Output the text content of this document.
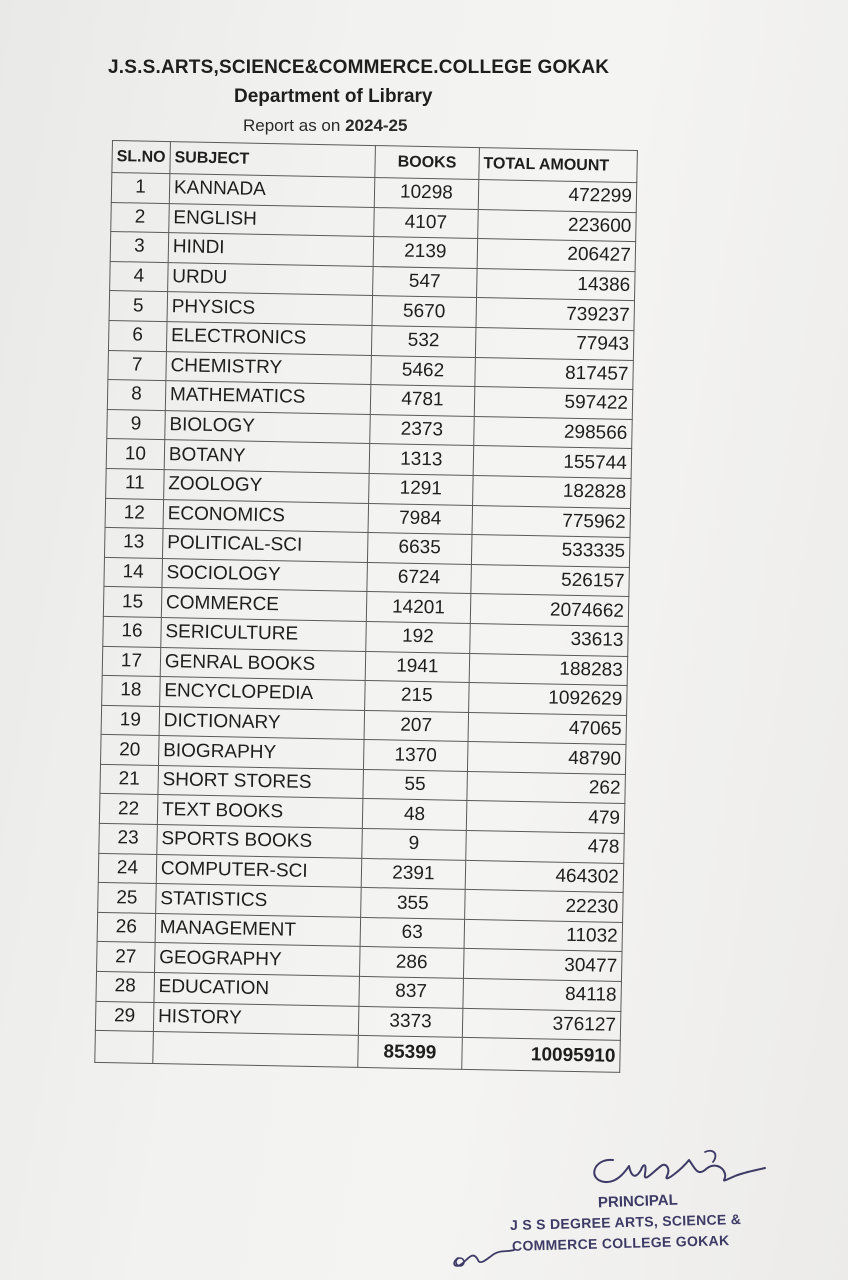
J.S.S.ARTS,SCIENCE&COMMERCE.COLLEGE GOKAK
Department of Library
Report as on 2024-25
SL.NO	SUBJECT	BOOKS	TOTAL AMOUNT
1	KANNADA	10298	472299
2	ENGLISH	4107	223600
3	HINDI	2139	206427
4	URDU	547	14386
5	PHYSICS	5670	739237
6	ELECTRONICS	532	77943
7	CHEMISTRY	5462	817457
8	MATHEMATICS	4781	597422
9	BIOLOGY	2373	298566
10	BOTANY	1313	155744
11	ZOOLOGY	1291	182828
12	ECONOMICS	7984	775962
13	POLITICAL-SCI	6635	533335
14	SOCIOLOGY	6724	526157
15	COMMERCE	14201	2074662
16	SERICULTURE	192	33613
17	GENRAL BOOKS	1941	188283
18	ENCYCLOPEDIA	215	1092629
19	DICTIONARY	207	47065
20	BIOGRAPHY	1370	48790
21	SHORT STORES	55	262
22	TEXT BOOKS	48	479
23	SPORTS BOOKS	9	478
24	COMPUTER-SCI	2391	464302
25	STATISTICS	355	22230
26	MANAGEMENT	63	11032
27	GEOGRAPHY	286	30477
28	EDUCATION	837	84118
29	HISTORY	3373	376127
		85399	10095910
PRINCIPAL
J S S DEGREE ARTS, SCIENCE &
COMMERCE COLLEGE GOKAK
